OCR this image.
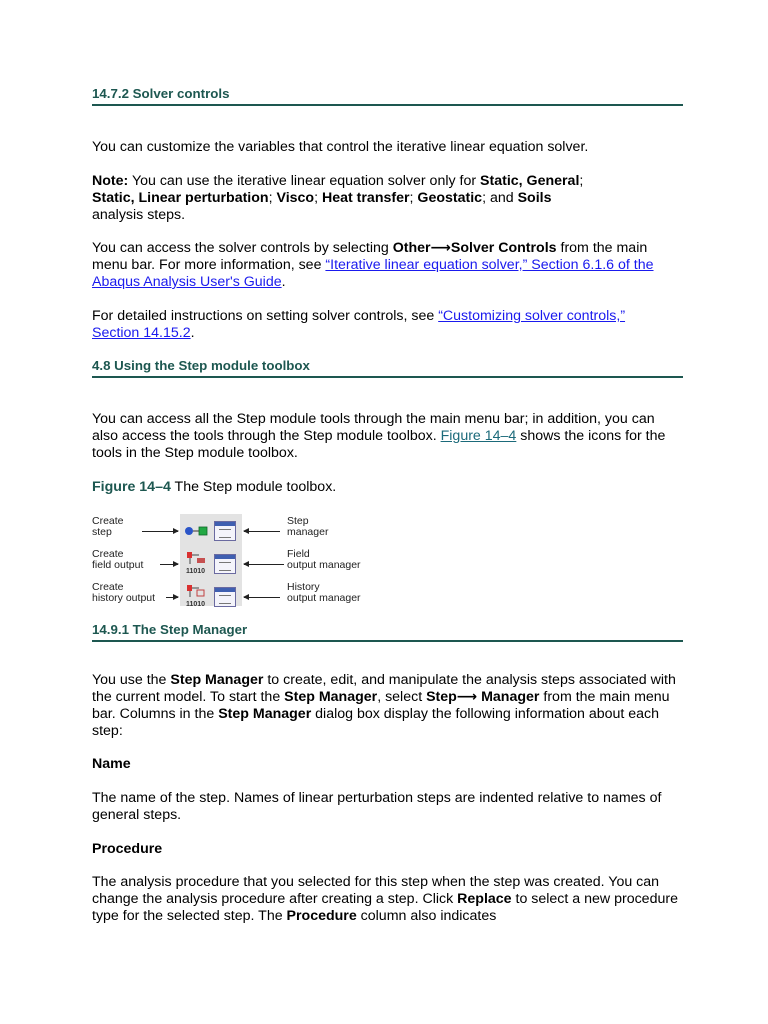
14.7.2 Solver controls

You can customize the variables that control the iterative linear equation solver.

Note: You can use the iterative linear equation solver only for Static, General; Static, Linear perturbation; Visco; Heat transfer; Geostatic; and Soils analysis steps.

You can access the solver controls by selecting Other⟶Solver Controls from the main menu bar. For more information, see “Iterative linear equation solver,” Section 6.1.6 of the Abaqus Analysis User's Guide.

For detailed instructions on setting solver controls, see “Customizing solver controls,” Section 14.15.2.

4.8 Using the Step module toolbox

You can access all the Step module tools through the main menu bar; in addition, you can also access the tools through the Step module toolbox. Figure 14–4 shows the icons for the tools in the Step module toolbox.

Figure 14–4 The Step module toolbox.

Create
step
Create
field output
Create
history output
11010
11010
Step
manager
Field
output manager
History
output manager
14.9.1 The Step Manager

You use the Step Manager to create, edit, and manipulate the analysis steps associated with the current model. To start the Step Manager, select Step⟶ Manager from the main menu bar. Columns in the Step Manager dialog box display the following information about each step:

Name

The name of the step. Names of linear perturbation steps are indented relative to names of general steps.

Procedure

The analysis procedure that you selected for this step when the step was created. You can change the analysis procedure after creating a step. Click Replace to select a new procedure type for the selected step. The Procedure column also indicates
